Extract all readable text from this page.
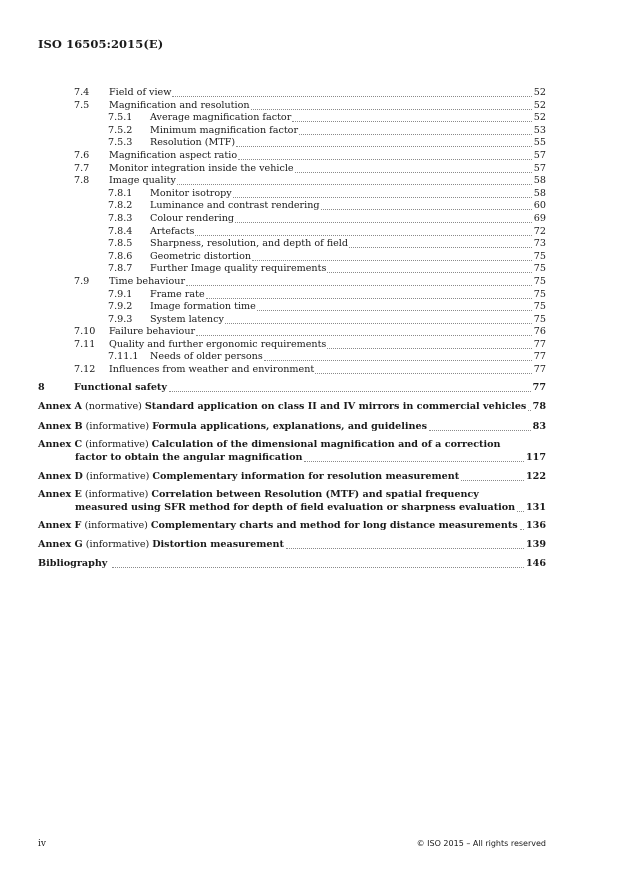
ISO 16505:2015(E)
7.4 Field of view	52
7.5 Magnification and resolution	52
7.5.1 Average magnification factor	52
7.5.2 Minimum magnification factor	53
7.5.3 Resolution (MTF)	55
7.6 Magnification aspect ratio	57
7.7 Monitor integration inside the vehicle	57
7.8 Image quality	58
7.8.1 Monitor isotropy	58
7.8.2 Luminance and contrast rendering	60
7.8.3 Colour rendering	69
7.8.4 Artefacts	72
7.8.5 Sharpness, resolution, and depth of field	73
7.8.6 Geometric distortion	75
7.8.7 Further Image quality requirements	75
7.9 Time behaviour	75
7.9.1 Frame rate	75
7.9.2 Image formation time	75
7.9.3 System latency	75
7.10 Failure behaviour	76
7.11 Quality and further ergonomic requirements	77
7.11.1 Needs of older persons	77
7.12 Influences from weather and environment	77
8	Functional safety	77
Annex A (normative) Standard application on class II and IV mirrors in commercial vehicles 78
Annex B (informative) Formula applications, explanations, and guidelines	83
Annex C (informative) Calculation of the dimensional magnification and of a correction
factor to obtain the angular magnification	117
Annex D (informative) Complementary information for resolution measurement	122
Annex E (informative) Correlation between Resolution (MTF) and spatial frequency
measured using SFR method for depth of field evaluation or sharpness evaluation 131
Annex F (informative) Complementary charts and method for long distance measurements 136
Annex G (informative) Distortion measurement	139
Bibliography	146
iv	© ISO 2015 – All rights reserved
